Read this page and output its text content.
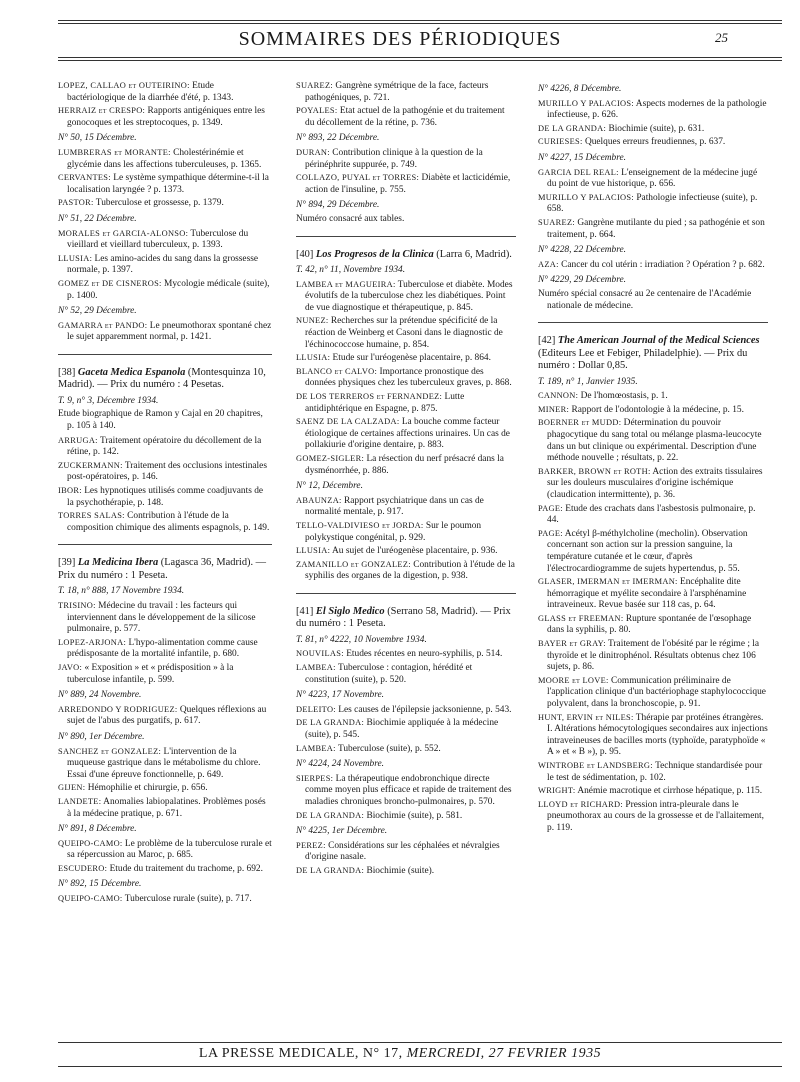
SOMMAIRES DES PÉRIODIQUES	25
LOPEZ, CALLAO et OUTEIRINO: Etude bactériologique de la diarrhée d'été, p. 1343.
HERRAIZ et CRESPO: Rapports antigéniques entre les gonocoques et les streptocoques, p. 1349.
N° 50, 15 Décembre.
LUMBRERAS et MORANTE: Cholestérinémie et glycémie dans les affections tuberculeuses, p. 1365.
CERVANTES: Le système sympathique détermine-t-il la localisation laryngée ? p. 1373.
PASTOR: Tuberculose et grossesse, p. 1379.
N° 51, 22 Décembre.
MORALES et GARCIA-ALONSO: Tuberculose du vieillard et vieillard tuberculeux, p. 1393.
LLUSIA: Les amino-acides du sang dans la grossesse normale, p. 1397.
GOMEZ et DE CISNEROS: Mycologie médicale (suite), p. 1400.
N° 52, 29 Décembre.
GAMARRA et PANDO: Le pneumothorax spontané chez le sujet apparemment normal, p. 1421.
[38] Gaceta Medica Espanola (Montesquinza 10, Madrid). — Prix du numéro : 4 Pesetas.
T. 9, n° 3, Décembre 1934.
Etude biographique de Ramon y Cajal en 20 chapitres, p. 105 à 140.
ARRUGA: Traitement opératoire du décollement de la rétine, p. 142.
ZUCKERMANN: Traitement des occlusions intestinales post-opératoires, p. 146.
IBOR: Les hypnotiques utilisés comme coadjuvants de la psychothérapie, p. 148.
TORRES SALAS: Contribution à l'étude de la composition chimique des aliments espagnols, p. 149.
[39] La Medicina Ibera (Lagasca 36, Madrid). — Prix du numéro : 1 Peseta.
T. 18, n° 888, 17 Novembre 1934.
TRISINO: Médecine du travail : les facteurs qui interviennent dans le développement de la silicose pulmonaire, p. 577.
LOPEZ-ARJONA: L'hypo-alimentation comme cause prédisposante de la mortalité infantile, p. 680.
JAVO: « Exposition » et « prédisposition » à la tuberculose infantile, p. 599.
N° 889, 24 Novembre.
ARREDONDO Y RODRIGUEZ: Quelques réflexions au sujet de l'abus des purgatifs, p. 617.
N° 890, 1er Décembre.
SANCHEZ et GONZALEZ: L'intervention de la muqueuse gastrique dans le métabolisme du chlore. Essai d'une épreuve fonctionnelle, p. 649.
GIJEN: Hémophilie et chirurgie, p. 656.
LANDETE: Anomalies labiopalatines. Problèmes posés à la médecine pratique, p. 671.
N° 891, 8 Décembre.
QUEIPO-CAMO: Le problème de la tuberculose rurale et sa répercussion au Maroc, p. 685.
ESCUDERO: Etude du traitement du trachome, p. 692.
N° 892, 15 Décembre.
QUEIPO-CAMO: Tuberculose rurale (suite), p. 717.
SUAREZ: Gangrène symétrique de la face, facteurs pathogéniques, p. 721.
POYALES: Etat actuel de la pathogénie et du traitement du décollement de la rétine, p. 736.
N° 893, 22 Décembre.
DURAN: Contribution clinique à la question de la périnéphrite suppurée, p. 749.
COLLAZO, PUYAL et TORRES: Diabète et lacticidémie, action de l'insuline, p. 755.
N° 894, 29 Décembre.
Numéro consacré aux tables.
[40] Los Progresos de la Clinica (Larra 6, Madrid).
T. 42, n° 11, Novembre 1934.
LAMBEA et MAGUEIRA: Tuberculose et diabète. Modes évolutifs de la tuberculose chez les diabétiques. Point de vue diagnostique et thérapeutique, p. 845.
NUNEZ: Recherches sur la prétendue spécificité de la réaction de Weinberg et Casoni dans le diagnostic de l'échinococcose humaine, p. 854.
LLUSIA: Etude sur l'uréogenèse placentaire, p. 864.
BLANCO et CALVO: Importance pronostique des données physiques chez les tuberculeux graves, p. 868.
DE LOS TERREROS et FERNANDEZ: Lutte antidiphtérique en Espagne, p. 875.
SAENZ DE LA CALZADA: La bouche comme facteur étiologique de certaines affections urinaires. Un cas de pollakiurie d'origine dentaire, p. 883.
GOMEZ-SIGLER: La résection du nerf présacré dans la dysménorrhée, p. 886.
N° 12, Décembre.
ABAUNZA: Rapport psychiatrique dans un cas de normalité mentale, p. 917.
TELLO-VALDIVIESO et JORDA: Sur le poumon polykystique congénital, p. 929.
LLUSIA: Au sujet de l'uréogenèse placentaire, p. 936.
ZAMANILLO et GONZALEZ: Contribution à l'étude de la syphilis des organes de la digestion, p. 938.
[41] El Siglo Medico (Serrano 58, Madrid). — Prix du numéro : 1 Peseta.
T. 81, n° 4222, 10 Novembre 1934.
NOUVILAS: Etudes récentes en neuro-syphilis, p. 514.
LAMBEA: Tuberculose : contagion, hérédité et constitution (suite), p. 520.
N° 4223, 17 Novembre.
DELEITO: Les causes de l'épilepsie jacksonienne, p. 543.
DE LA GRANDA: Biochimie appliquée à la médecine (suite), p. 545.
LAMBEA: Tuberculose (suite), p. 552.
N° 4224, 24 Novembre.
SIERPES: La thérapeutique endobronchique directe comme moyen plus efficace et rapide de traitement des maladies chroniques broncho-pulmonaires, p. 570.
DE LA GRANDA: Biochimie (suite), p. 581.
N° 4225, 1er Décembre.
PEREZ: Considérations sur les céphalées et névralgies d'origine nasale.
DE LA GRANDA: Biochimie (suite).
N° 4226, 8 Décembre.
MURILLO Y PALACIOS: Aspects modernes de la pathologie infectieuse, p. 626.
DE LA GRANDA: Biochimie (suite), p. 631.
CURIESES: Quelques erreurs freudiennes, p. 637.
N° 4227, 15 Décembre.
GARCIA DEL REAL: L'enseignement de la médecine jugé du point de vue historique, p. 656.
MURILLO Y PALACIOS: Pathologie infectieuse (suite), p. 658.
SUAREZ: Gangrène mutilante du pied ; sa pathogénie et son traitement, p. 664.
N° 4228, 22 Décembre.
AZA: Cancer du col utérin : irradiation ? Opération ? p. 682.
N° 4229, 29 Décembre.
Numéro spécial consacré au 2e centenaire de l'Académie nationale de médecine.
[42] The American Journal of the Medical Sciences (Editeurs Lee et Febiger, Philadelphie). — Prix du numéro : Dollar 0,85.
T. 189, n° 1, Janvier 1935.
CANNON: De l'homœostasis, p. 1.
MINER: Rapport de l'odontologie à la médecine, p. 15.
BOERNER et MUDD: Détermination du pouvoir phagocytique du sang total ou mélange plasma-leucocyte dans un but clinique ou expérimental. Description d'une méthode nouvelle ; résultats, p. 22.
BARKER, BROWN et ROTH: Action des extraits tissulaires sur les douleurs musculaires d'origine ischémique (claudication intermittente), p. 36.
PAGE: Etude des crachats dans l'asbestosis pulmonaire, p. 44.
PAGE: Acétyl β-méthylcholine (mecholin). Observation concernant son action sur la pression sanguine, la température cutanée et le cœur, d'après l'électrocardiogramme de sujets hypertendus, p. 55.
GLASER, IMERMAN et IMERMAN: Encéphalite dite hémorragique et myélite secondaire à l'arsphénamine intraveineux. Revue basée sur 118 cas, p. 64.
GLASS et FREEMAN: Rupture spontanée de l'œsophage dans la syphilis, p. 80.
BAYER et GRAY: Traitement de l'obésité par le régime ; la thyroïde et le dinitrophénol. Résultats obtenus chez 106 sujets, p. 86.
MOORE et LOVE: Communication préliminaire de l'application clinique d'un bactériophage staphylococcique polyvalent, dans la bronchoscopie, p. 91.
HUNT, ERVIN et NILES: Thérapie par protéines étrangères. I. Altérations hémocytologiques secondaires aux injections intraveineuses de bacilles morts (typhoïde, paratyphoïde « A » et « B »), p. 95.
WINTROBE et LANDSBERG: Technique standardisée pour le test de sédimentation, p. 102.
WRIGHT: Anémie macrotique et cirrhose hépatique, p. 115.
LLOYD et RICHARD: Pression intra-pleurale dans le pneumothorax au cours de la grossesse et de l'allaitement, p. 119.
LA PRESSE MEDICALE, N° 17, MERCREDI, 27 FEVRIER 1935
